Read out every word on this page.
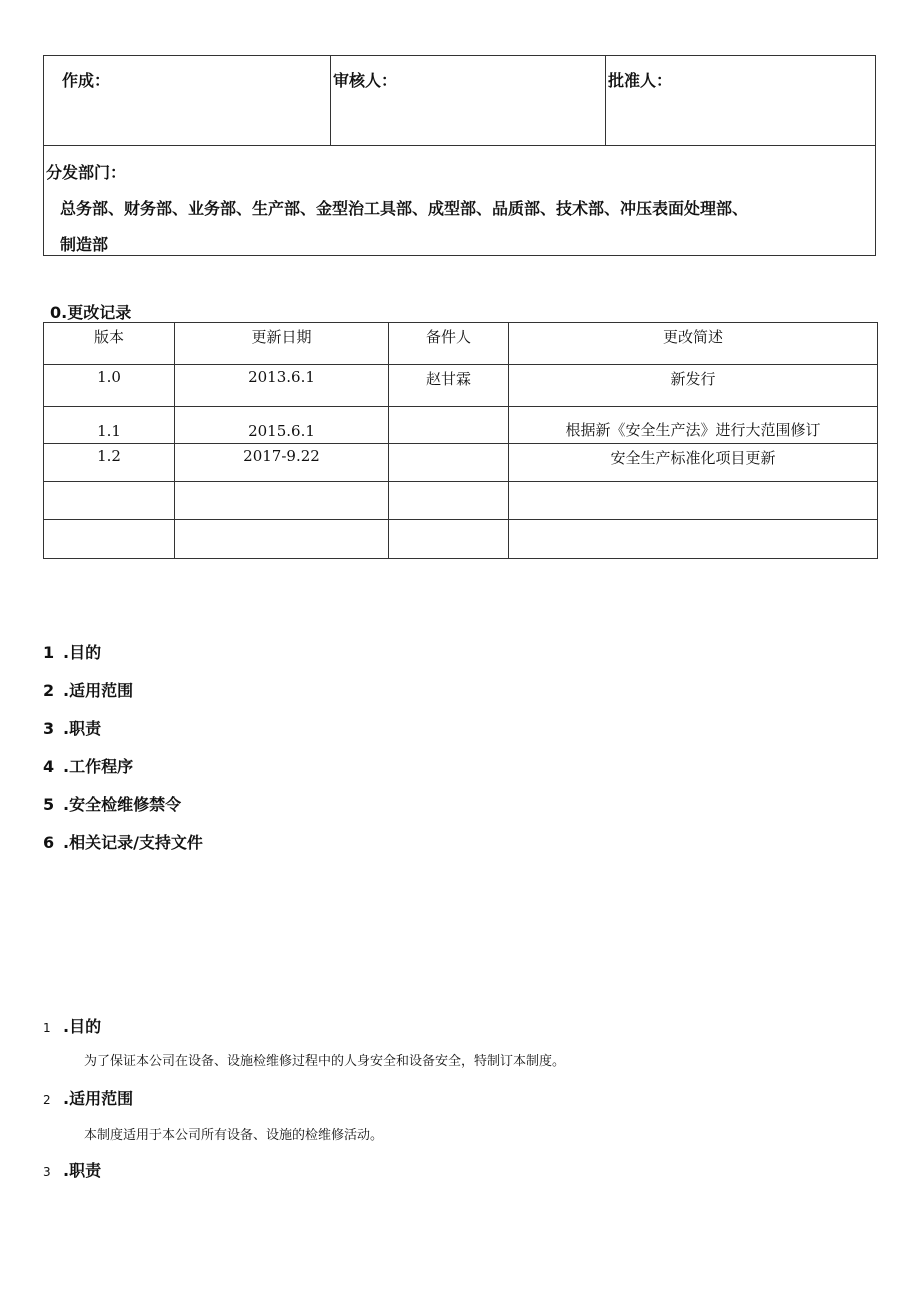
作成：	审核人：	批准人：
分发部门：
总务部、财务部、业务部、生产部、金型治工具部、成型部、品质部、技术部、冲压表面处理部、
制造部
0.更改记录
版本	更新日期	备件人	更改简述
1.0	2013.6.1	赵甘霖	新发行
1.1	2015.6.1		根据新《安全生产法》进行大范围修订
1.2	2017-9.22		安全生产标准化项目更新

1 .目的
2 .适用范围
3 .职责
4 .工作程序
5 .安全检维修禁令
6 .相关记录/支持文件
1 .目的
为了保证本公司在设备、设施检维修过程中的人身安全和设备安全，特制订本制度。
2 .适用范围
本制度适用于本公司所有设备、设施的检维修活动。
3 .职责
